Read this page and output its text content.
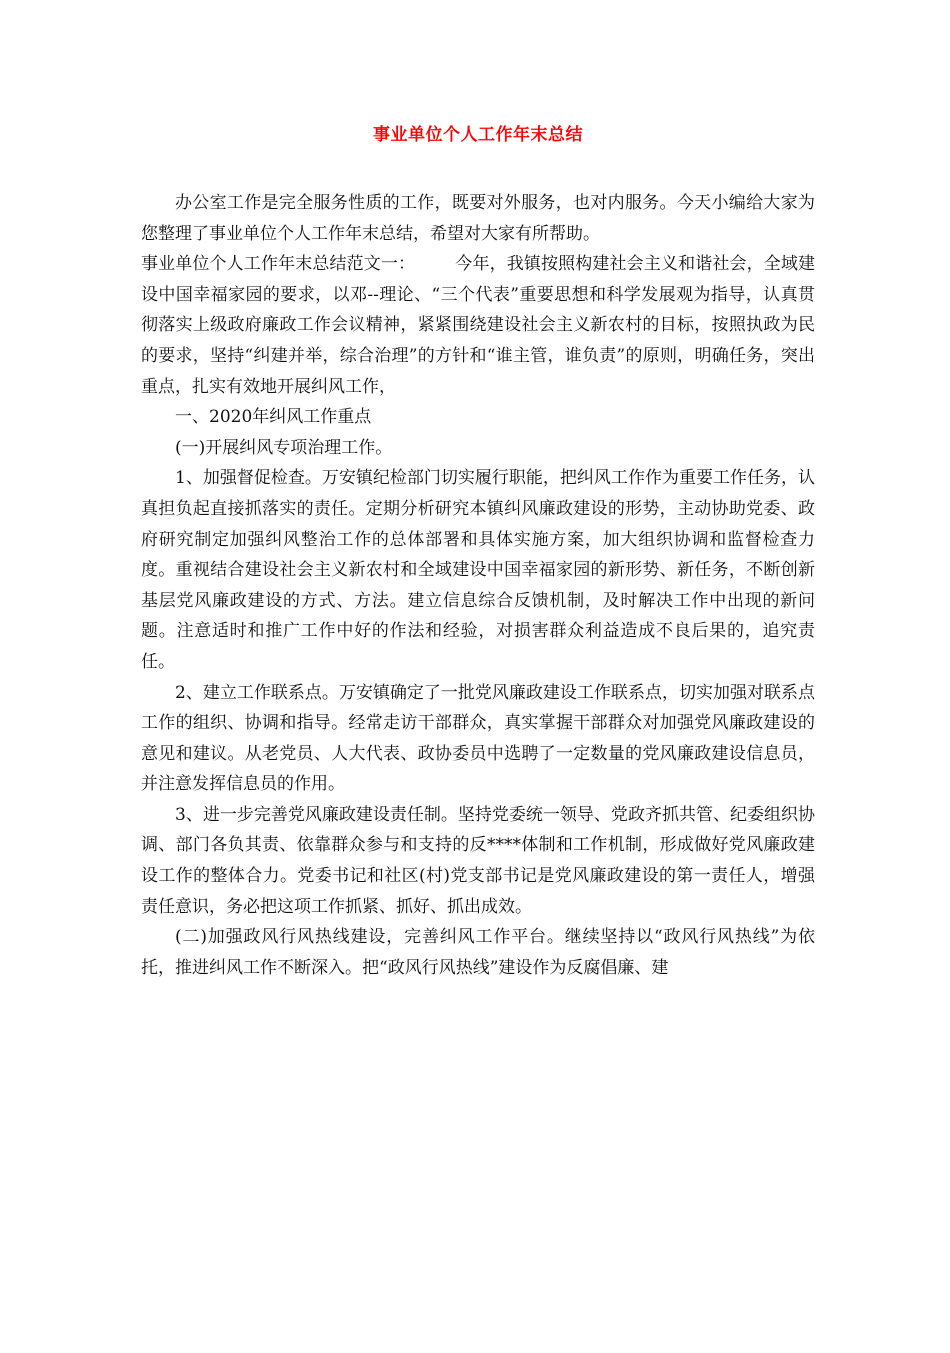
事业单位个人工作年末总结

办公室工作是完全服务性质的工作，既要对外服务，也对内服务。今天小编给大家为您整理了事业单位个人工作年末总结，希望对大家有所帮助。

事业单位个人工作年末总结范文一： 今年，我镇按照构建社会主义和谐社会，全域建设中国幸福家园的要求，以邓--理论、“三个代表”重要思想和科学发展观为指导，认真贯彻落实上级政府廉政工作会议精神，紧紧围绕建设社会主义新农村的目标，按照执政为民的要求，坚持“纠建并举，综合治理”的方针和“谁主管，谁负责”的原则，明确任务，突出重点，扎实有效地开展纠风工作，

一、2020年纠风工作重点

(一)开展纠风专项治理工作。

1、加强督促检查。万安镇纪检部门切实履行职能，把纠风工作作为重要工作任务，认真担负起直接抓落实的责任。定期分析研究本镇纠风廉政建设的形势，主动协助党委、政府研究制定加强纠风整治工作的总体部署和具体实施方案，加大组织协调和监督检查力度。重视结合建设社会主义新农村和全域建设中国幸福家园的新形势、新任务，不断创新基层党风廉政建设的方式、方法。建立信息综合反馈机制，及时解决工作中出现的新问题。注意适时和推广工作中好的作法和经验，对损害群众利益造成不良后果的，追究责任。

2、建立工作联系点。万安镇确定了一批党风廉政建设工作联系点，切实加强对联系点工作的组织、协调和指导。经常走访干部群众，真实掌握干部群众对加强党风廉政建设的意见和建议。从老党员、人大代表、政协委员中选聘了一定数量的党风廉政建设信息员，并注意发挥信息员的作用。

3、进一步完善党风廉政建设责任制。坚持党委统一领导、党政齐抓共管、纪委组织协调、部门各负其责、依靠群众参与和支持的反****体制和工作机制，形成做好党风廉政建设工作的整体合力。党委书记和社区(村)党支部书记是党风廉政建设的第一责任人，增强责任意识，务必把这项工作抓紧、抓好、抓出成效。

(二)加强政风行风热线建设，完善纠风工作平台。继续坚持以“政风行风热线”为依托，推进纠风工作不断深入。把“政风行风热线”建设作为反腐倡廉、建
